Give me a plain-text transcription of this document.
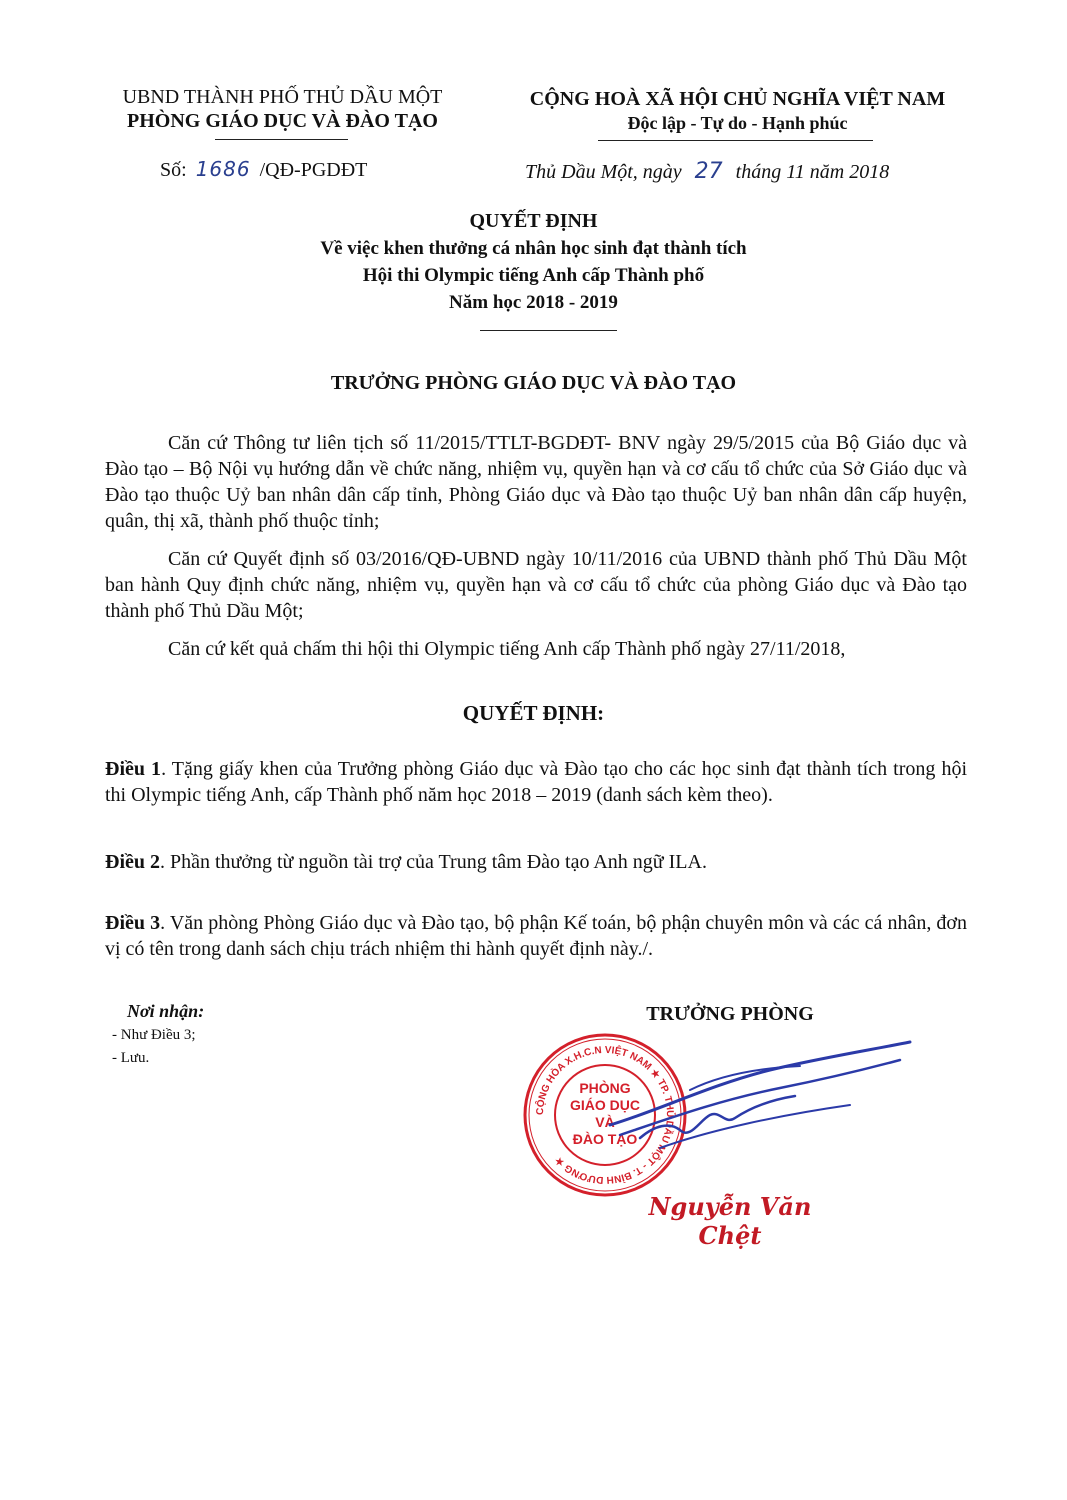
UBND THÀNH PHỐ THỦ DẦU MỘT
PHÒNG GIÁO DỤC VÀ ĐÀO TẠO
CỘNG HOÀ XÃ HỘI CHỦ NGHĨA VIỆT NAM
Độc lập - Tự do - Hạnh phúc
Số: 1686 /QĐ-PGDĐT	Thủ Dầu Một, ngày 27 tháng 11 năm 2018
QUYẾT ĐỊNH
Về việc khen thưởng cá nhân học sinh đạt thành tích
Hội thi Olympic tiếng Anh cấp Thành phố
Năm học 2018 - 2019
TRƯỞNG PHÒNG GIÁO DỤC VÀ ĐÀO TẠO

Căn cứ Thông tư liên tịch số 11/2015/TTLT-BGDĐT- BNV ngày 29/5/2015 của Bộ Giáo dục và Đào tạo – Bộ Nội vụ hướng dẫn về chức năng, nhiệm vụ, quyền hạn và cơ cấu tổ chức của Sở Giáo dục và Đào tạo thuộc Uỷ ban nhân dân cấp tỉnh, Phòng Giáo dục và Đào tạo thuộc Uỷ ban nhân dân cấp huyện, quân, thị xã, thành phố thuộc tỉnh;

Căn cứ Quyết định số 03/2016/QĐ-UBND ngày 10/11/2016 của UBND thành phố Thủ Dầu Một ban hành Quy định chức năng, nhiệm vụ, quyền hạn và cơ cấu tổ chức của phòng Giáo dục và Đào tạo thành phố Thủ Dầu Một;

Căn cứ kết quả chấm thi hội thi Olympic tiếng Anh cấp Thành phố ngày 27/11/2018,

QUYẾT ĐỊNH:
Điều 1. Tặng giấy khen của Trưởng phòng Giáo dục và Đào tạo cho các học sinh đạt thành tích trong hội thi Olympic tiếng Anh, cấp Thành phố năm học 2018 – 2019 (danh sách kèm theo).
Điều 2. Phần thưởng từ nguồn tài trợ của Trung tâm Đào tạo Anh ngữ ILA.
Điều 3. Văn phòng Phòng Giáo dục và Đào tạo, bộ phận Kế toán, bộ phận chuyên môn và các cá nhân, đơn vị có tên trong danh sách chịu trách nhiệm thi hành quyết định này./.
Nơi nhận:
- Như Điều 3;
- Lưu.
TRƯỞNG PHÒNG
CỘNG HÒA X.H.C.N VIỆT NAM ★ TP. THỦ DẦU MỘT - T. BÌNH DƯƠNG ★
PHÒNG
GIÁO DỤC
VÀ
ĐÀO TẠO
Nguyễn Văn Chệt
